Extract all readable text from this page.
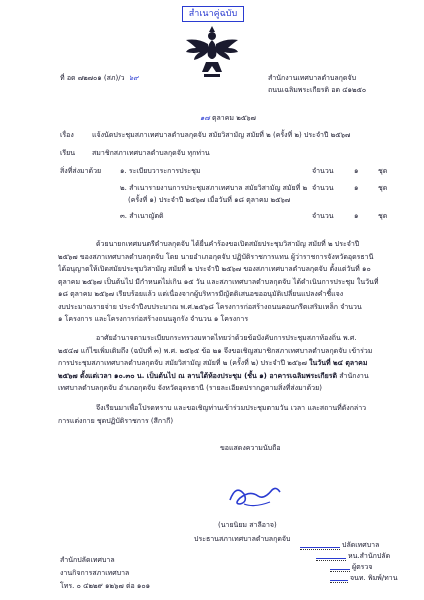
สำเนาคู่ฉบับ
ที่ อด ๗๒๗๐๑ (สภ)/ว ๖๙	สำนักงานเทศบาลตำบลกุดจับ
ถนนเฉลิมพระเกียรติ อด ๔๑๒๕๐
๑๗ ตุลาคม ๒๕๖๗
เรื่อง	แจ้งนัดประชุมสภาเทศบาลตำบลกุดจับ สมัยวิสามัญ สมัยที่ ๒ (ครั้งที่ ๒) ประจำปี ๒๕๖๗
เรียน สมาชิกสภาเทศบาลตำบลกุดจับ ทุกท่าน
สิ่งที่ส่งมาด้วย	๑. ระเบียบวาระการประชุม	จำนวน	๑	ชุด
๒. สำเนารายงานการประชุมสภาเทศบาล สมัยวิสามัญ สมัยที่ ๒ จำนวน	๑	ชุด
(ครั้งที่ ๑) ประจำปี ๒๕๖๗ เมื่อวันที่ ๑๘ ตุลาคม ๒๕๖๗
๓. สำเนาญัตติ	จำนวน	๑	ชุด
ด้วยนายกเทศมนตรีตำบลกุดจับ ได้ยื่นคำร้องขอเปิดสมัยประชุมวิสามัญ สมัยที่ ๒ ประจำปี
๒๕๖๗ ของสภาเทศบาลตำบลกุดจับ โดย นายอำเภอกุดจับ ปฏิบัติราชการแทน ผู้ว่าราชการจังหวัดอุดรธานี
ได้อนุญาตให้เปิดสมัยประชุมวิสามัญ สมัยที่ ๒ ประจำปี ๒๕๖๗ ของสภาเทศบาลตำบลกุดจับ ตั้งแต่วันที่ ๑๐
ตุลาคม ๒๕๖๗ เป็นต้นไป มีกำหนดไม่เกิน ๑๕ วัน และสภาเทศบาลตำบลกุดจับ ได้ดำเนินการประชุม ในวันที่
๑๘ ตุลาคม ๒๕๖๗ เรียบร้อยแล้ว แต่เนื่องจากผู้บริหารมีญัตติเสนอขออนุมัติเปลี่ยนแปลงคำชี้แจง
งบประมาณรายจ่าย ประจำปีงบประมาณ พ.ศ.๒๕๖๘ โครงการก่อสร้างถนนคอนกรีตเสริมเหล็ก จำนวน
๑ โครงการ และโครงการก่อสร้างถนนลูกรัง จำนวน ๑ โครงการ
อาศัยอำนาจตามระเบียบกระทรวงมหาดไทยว่าด้วยข้อบังคับการประชุมสภาท้องถิ่น พ.ศ.
๒๕๔๗ แก้ไขเพิ่มเติมถึง (ฉบับที่ ๓) พ.ศ. ๒๕๖๕ ข้อ ๒๑ จึงขอเชิญสมาชิกสภาเทศบาลตำบลกุดจับ เข้าร่วม
การประชุมสภาเทศบาลตำบลกุดจับ สมัยวิสามัญ สมัยที่ ๒ (ครั้งที่ ๒) ประจำปี ๒๕๖๗ ในวันที่ ๒๔ ตุลาคม
๒๕๖๗ ตั้งแต่เวลา ๑๐.๓๐ น. เป็นต้นไป ณ ลานใต้ห้องประชุม (ชั้น ๑) อาคารเฉลิมพระเกียรติ สำนักงาน
เทศบาลตำบลกุดจับ อำเภอกุดจับ จังหวัดอุดรธานี (รายละเอียดปรากฏตามสิ่งที่ส่งมาด้วย)
จึงเรียนมาเพื่อโปรดทราบ และขอเชิญท่านเข้าร่วมประชุมตามวัน เวลา และสถานที่ดังกล่าว
การแต่งกาย ชุดปฏิบัติราชการ (สีกากี)
ขอแสดงความนับถือ
(นายนิยม สาลีอาจ)
ประธานสภาเทศบาลตำบลกุดจับ
สำนักปลัดเทศบาล
งานกิจการสภาเทศบาล
โทร. ๐ ๔๒๒๙ ๑๒๖๗ ต่อ ๑๐๑
ปลัดเทศบาล
หน.สำนักปลัด
ผู้ตรวจ
จนท. พิมพ์/ทาน
